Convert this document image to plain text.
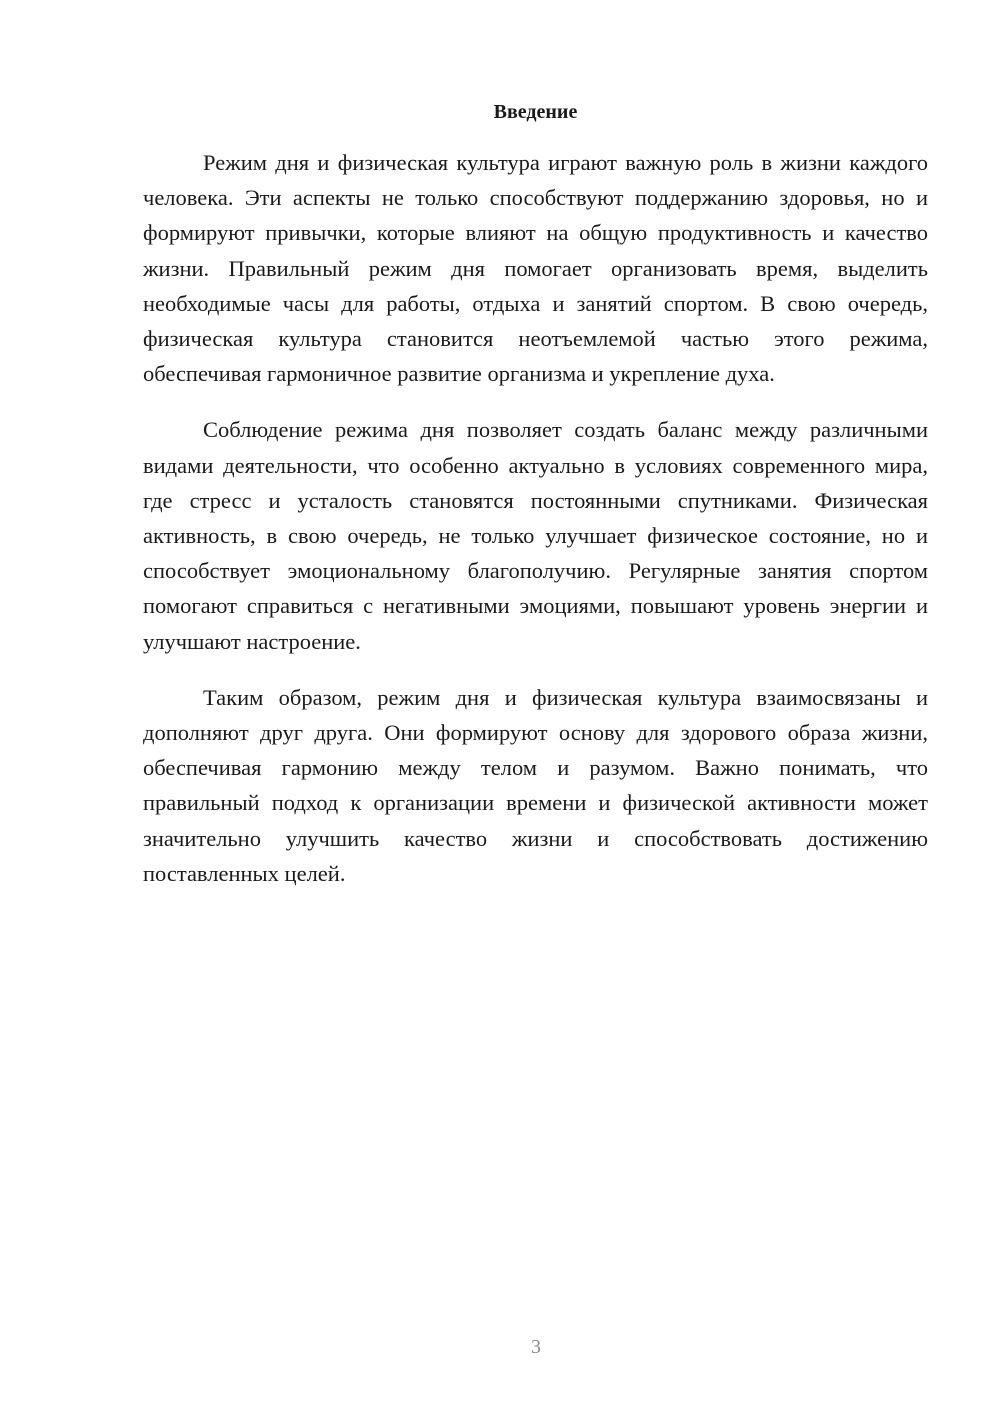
Введение

Режим дня и физическая культура играют важную роль в жизни каждого человека. Эти аспекты не только способствуют поддержанию здоровья, но и формируют привычки, которые влияют на общую продуктивность и качество жизни. Правильный режим дня помогает организовать время, выделить необходимые часы для работы, отдыха и занятий спортом. В свою очередь, физическая культура становится неотъемлемой частью этого режима, обеспечивая гармоничное развитие организма и укрепление духа.

Соблюдение режима дня позволяет создать баланс между различными видами деятельности, что особенно актуально в условиях современного мира, где стресс и усталость становятся постоянными спутниками. Физическая активность, в свою очередь, не только улучшает физическое состояние, но и способствует эмоциональному благополучию. Регулярные занятия спортом помогают справиться с негативными эмоциями, повышают уровень энергии и улучшают настроение.

Таким образом, режим дня и физическая культура взаимосвязаны и дополняют друг друга. Они формируют основу для здорового образа жизни, обеспечивая гармонию между телом и разумом. Важно понимать, что правильный подход к организации времени и физической активности может значительно улучшить качество жизни и способствовать достижению поставленных целей.

3
